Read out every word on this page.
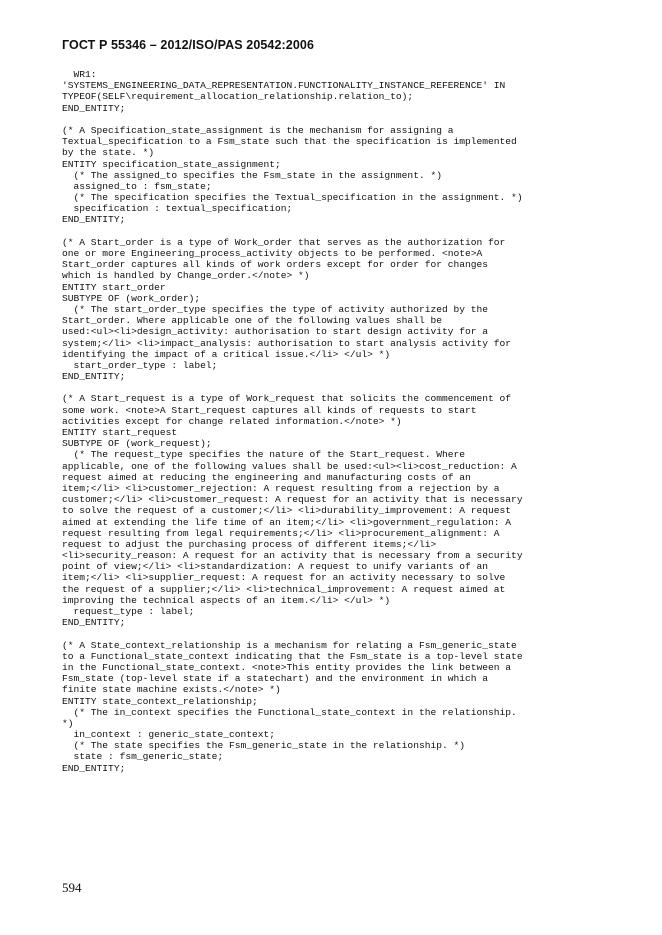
ГОСТ Р 55346 – 2012/ISO/PAS 20542:2006
WR1:
'SYSTEMS_ENGINEERING_DATA_REPRESENTATION.FUNCTIONALITY_INSTANCE_REFERENCE' IN
TYPEOF(SELF\requirement_allocation_relationship.relation_to);
END_ENTITY;

(* A Specification_state_assignment is the mechanism for assigning a
Textual_specification to a Fsm_state such that the specification is implemented
by the state. *)
ENTITY specification_state_assignment;
(* The assigned_to specifies the Fsm_state in the assignment. *)
assigned_to : fsm_state;
(* The specification specifies the Textual_specification in the assignment. *)
specification : textual_specification;
END_ENTITY;

(* A Start_order is a type of Work_order that serves as the authorization for
one or more Engineering_process_activity objects to be performed. <note>A
Start_order captures all kinds of work orders except for order for changes
which is handled by Change_order.</note> *)
ENTITY start_order
SUBTYPE OF (work_order);
(* The start_order_type specifies the type of activity authorized by the
Start_order. Where applicable one of the following values shall be
used:<ul><li>design_activity: authorisation to start design activity for a
system;</li> <li>impact_analysis: authorisation to start analysis activity for
identifying the impact of a critical issue.</li> </ul> *)
start_order_type : label;
END_ENTITY;

(* A Start_request is a type of Work_request that solicits the commencement of
some work. <note>A Start_request captures all kinds of requests to start
activities except for change related information.</note> *)
ENTITY start_request
SUBTYPE OF (work_request);
(* The request_type specifies the nature of the Start_request. Where
applicable, one of the following values shall be used:<ul><li>cost_reduction: A
request aimed at reducing the engineering and manufacturing costs of an
item;</li> <li>customer_rejection: A request resulting from a rejection by a
customer;</li> <li>customer_request: A request for an activity that is necessary
to solve the request of a customer;</li> <li>durability_improvement: A request
aimed at extending the life time of an item;</li> <li>government_regulation: A
request resulting from legal requirements;</li> <li>procurement_alignment: A
request to adjust the purchasing process of different items;</li>
<li>security_reason: A request for an activity that is necessary from a security
point of view;</li> <li>standardization: A request to unify variants of an
item;</li> <li>supplier_request: A request for an activity necessary to solve
the request of a supplier;</li> <li>technical_improvement: A request aimed at
improving the technical aspects of an item.</li> </ul> *)
request_type : label;
END_ENTITY;

(* A State_context_relationship is a mechanism for relating a Fsm_generic_state
to a Functional_state_context indicating that the Fsm_state is a top-level state
in the Functional_state_context. <note>This entity provides the link between a
Fsm_state (top-level state if a statechart) and the environment in which a
finite state machine exists.</note> *)
ENTITY state_context_relationship;
(* The in_context specifies the Functional_state_context in the relationship.
*)
in_context : generic_state_context;
(* The state specifies the Fsm_generic_state in the relationship. *)
state : fsm_generic_state;
END_ENTITY;
594
